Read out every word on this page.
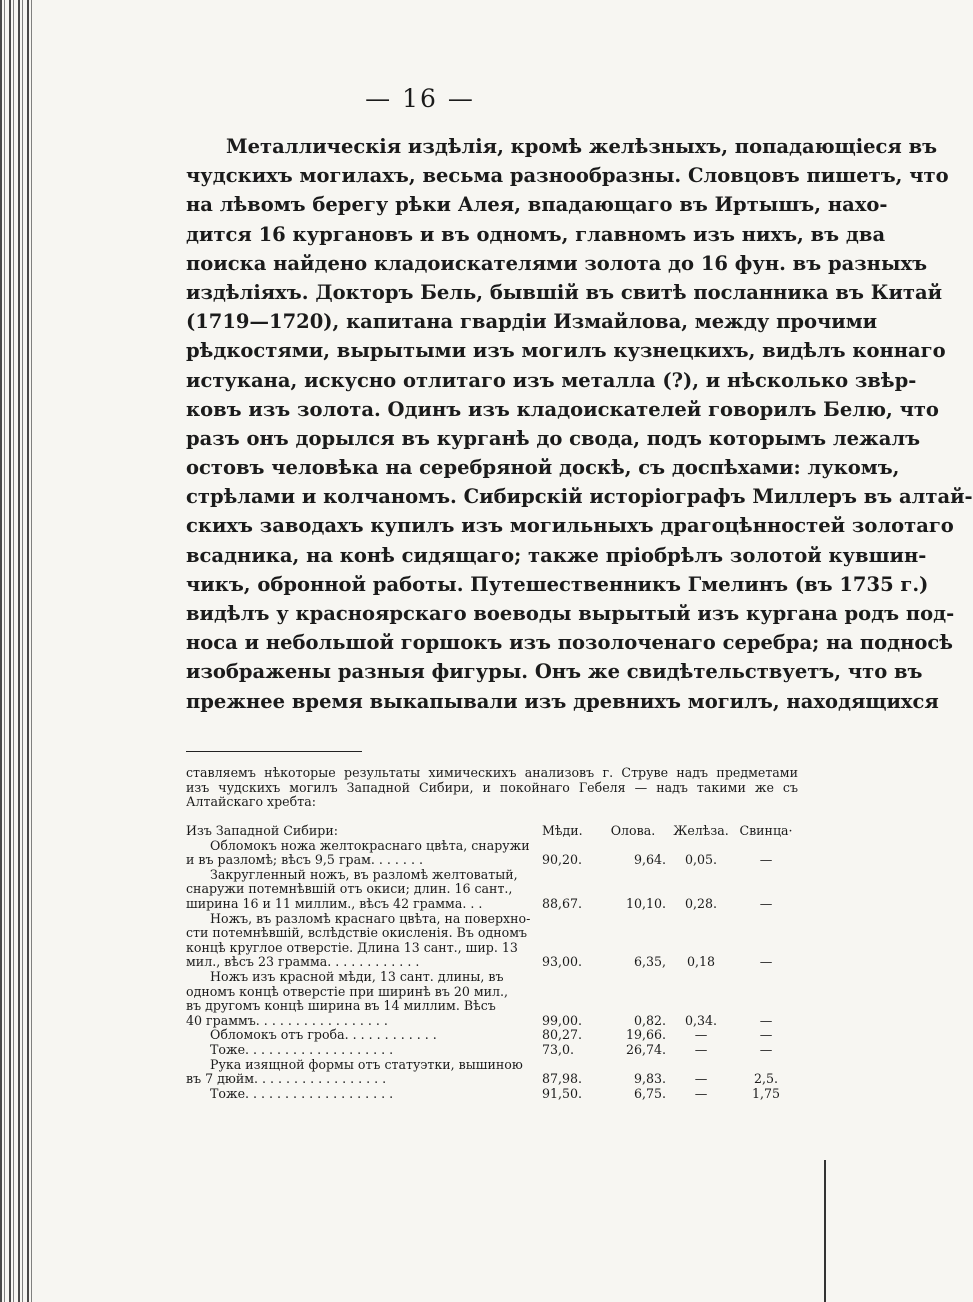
— 16 —
Металлическія издѣлія, кромѣ желѣзныхъ, попадающіеся въ
чудскихъ могилахъ, весьма разнообразны. Словцовъ пишетъ, что
на лѣвомъ берегу рѣки Алея, впадающаго въ Иртышъ, нахо-
дится 16 кургановъ и въ одномъ, главномъ изъ нихъ, въ два
поиска найдено кладоискателями золота до 16 фун. въ разныхъ
издѣліяхъ. Докторъ Бель, бывшій въ свитѣ посланника въ Китай
(1719—1720), капитана гвардіи Измайлова, между прочими
рѣдкостями, вырытыми изъ могилъ кузнецкихъ, видѣлъ коннаго
истукана, искусно отлитаго изъ металла (?), и нѣсколько звѣр-
ковъ изъ золота. Одинъ изъ кладоискателей говорилъ Белю, что
разъ онъ дорылся въ курганѣ до свода, подъ которымъ лежалъ
остовъ человѣка на серебряной доскѣ, съ доспѣхами: лукомъ,
стрѣлами и колчаномъ. Сибирскій исторіографъ Миллеръ въ алтай-
скихъ заводахъ купилъ изъ могильныхъ драгоцѣнностей золотаго
всадника, на конѣ сидящаго; также пріобрѣлъ золотой кувшин-
чикъ, обронной работы. Путешественникъ Гмелинъ (въ 1735 г.)
видѣлъ у красноярскаго воеводы вырытый изъ кургана родъ под-
носа и небольшой горшокъ изъ позолоченаго серебра; на подносѣ
изображены разныя фигуры. Онъ же свидѣтельствуетъ, что въ
прежнее время выкапывали изъ древнихъ могилъ, находящихся
ставляемъ нѣкоторые результаты химическихъ анализовъ г. Струве надъ предметами
изъ чудскихъ могилъ Западной Сибири, и покойнаго Гебеля — надъ такими же съ
Алтайскаго хребта:
Изъ Западной Сибири:	Мѣди.	Олова.	Желѣза.	Свинца·

Обломокъ ножа желтокраснаго цвѣта, снаружи
и въ разломѣ; вѣсъ 9,5 грам. . . . . . .	90,20.	9,64.	0,05.	—

Закругленный ножъ, въ разломѣ желтоватый,
снаружи потемнѣвшій отъ окиси; длин. 16 сант.,
ширина 16 и 11 миллим., вѣсъ 42 грамма. . .	88,67.	10,10.	0,28.	—

Ножъ, въ разломѣ краснаго цвѣта, на поверхно-
сти потемнѣвшій, вслѣдствіе окисленія. Въ одномъ
концѣ круглое отверстіе. Длина 13 сант., шир. 13
мил., вѣсъ 23 грамма. . . . . . . . . . . .	93,00.	6,35,	0,18	—

Ножъ изъ красной мѣди, 13 сант. длины, въ
одномъ концѣ отверстіе при ширинѣ въ 20 мил.,
въ другомъ концѣ ширина въ 14 миллим. Вѣсъ
40 граммъ. . . . . . . . . . . . . . . . .	99,00.	0,82.	0,34.	—

Обломокъ отъ гроба. . . . . . . . . . . .	80,27.	19,66.	—	—

Тоже. . . . . . . . . . . . . . . . . . .	73,0.	26,74.	—	—

Рука изящной формы отъ статуэтки, вышиною
въ 7 дюйм. . . . . . . . . . . . . . . . .	87,98.	9,83.	—	2,5.

Тоже. . . . . . . . . . . . . . . . . . .	91,50.	6,75.	—	1,75
